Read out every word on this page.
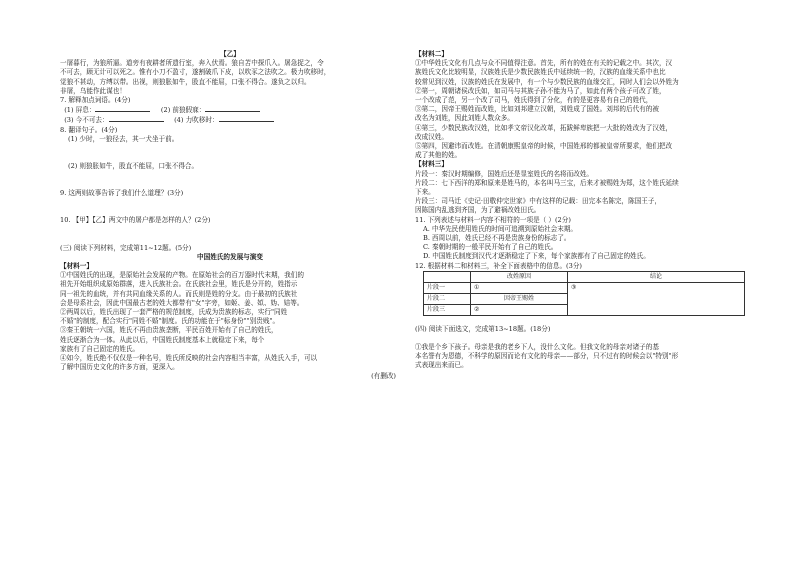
【乙】
一屠暮行，为狼所逼。道旁有夜耕者所遗行室，奔入伏焉。狼自苫中探爪入。屠急捉之，令
不可去，顾无计可以死之。惟有小刀不盈寸，遂割破爪下皮，以吹豕之法吹之。极力吹移时，
觉狼不甚动，方缚以带。出视，则狼胀如牛，股直不能屈，口张不得合。遂负之以归。
非屠，乌能作此谋也！
7. 解释加点词语。(4分)
(1) 屏息：	(2) 前狼假寐：
(3) 今不可去：	(4) 力吹移时：
8. 翻译句子。(4分)
(1) 少时，一狼径去，其一犬坐于前。
(2) 则狼胀如牛，股直不能屈，口张不得合。
9. 这两则故事告诉了我们什么道理？(3分)
10. 【甲】【乙】两文中的屠户都是怎样的人？(2分)
(三) 阅读下列材料，完成第11~12题。(5分)
中国姓氏的发展与演变
【材料一】
①中国姓氏的出现，是原始社会发展的产物。在原始社会的百万器时代末期，我们的
祖先开始组织成原始群落，进入氏族社会。在氏族社会里，姓氏是分开的，姓指示
同一祖先的血统，并有共同血缘关系的人。而氏则是姓的分支。由于最初的氏族社
会是母系社会，因此中国最古老的姓大都带有"女"字旁，如姬、姜、姒、妫、姞等。
②两周以后，姓氏出现了一套严格的规范制度，氏成为贵族的标志，实行"同姓
不婚"的制度，配合实行"同姓不婚"制度。氏的功能在于"标身份""别贵贱"。
③秦王朝统一六国，姓氏不再由贵族垄断，平民百姓开始有了自己的姓氏，
姓氏逐渐合为一体。从此以后，中国姓氏制度基本上就稳定下来，每个
家族有了自己固定的姓氏。
④如今，姓氏绝不仅仅是一种名号，姓氏所反映的社会内容相当丰富，从姓氏入手，可以
了解中国历史文化的许多方面，更深入。
(有删改)
【材料二】
①中华姓氏文化有几点与众不同值得注意。首先，所有的姓在有关的记载之中。其次，汉
族姓氏文化比较明显，汉族姓氏是少数民族姓氏中延续统一的，汉族的血缘关系中也比
较常见到汉姓，汉族的姓氏在发展中，有一个与少数民族的血缘交汇，同时人们会以外姓为
②第一，周朝诸侯改氏如，如司马与其族子孙不能为马了，如此有两个孩子可改了姓，
一个改成了范，另一个改了司马，姓氏得到了分化，有的是更容易有自己的姓代，
③第二，因帝王赐姓而改姓，比如刘邦建立汉朝，刘姓成了国姓。刘邦的后代有的被
改名为刘姓，因此刘姓人数众多。
④第三，少数民族改汉姓，比如孝文帝汉化改革，拓跋鲜卑族把一大批的姓改为了汉姓，
改成汉姓。
⑤第四，因避讳而改姓。在清朝康熙皇帝的时候，中国姓邢的都被皇帝所要求，他们把改
成了其他的姓。
【材料三】
片段一：秦汉时期编修，国姓后还是显室姓氏的名将而改姓。
片段二：七下西洋的郑和原来是姓马的，本名叫马三宝，后来才被赐姓为郑，这个姓氏延续
下来。
片段三：司马迁《史记·田敬仲完世家》中有这样的记载：田完本名陈完，陈国王子，
因陈国内乱逃到齐国，为了避祸改姓田氏。
11. 下列表述与材料一内容不相符的一项是（ ）(2分)
A. 中华先民使用姓氏的时间可追溯到原始社会末期。
B. 西周以前，姓氏已经不再是贵族身份的标志了。
C. 秦朝时期的一般平民开始有了自己的姓氏。
D. 中国姓氏制度到汉代才逐渐稳定了下来，每个家族都有了自己固定的姓氏。
12. 根据材料二和材料三，补全下面表格中的信息。(3分)
	改姓原因	结论
片段一	①	③
片段二	因帝王赐姓	
片段三	②	
(四) 阅读下面选文，完成第13~18题。(18分)
①我是个乡下孩子。母亲是我的老乡下人，没什么文化。但我文化的母亲对诸子的基
本名誉有为恩德，不科学的原因而论有文化的母亲——部分，只不过有的时候会以"特别"形
式表现出来而已。
